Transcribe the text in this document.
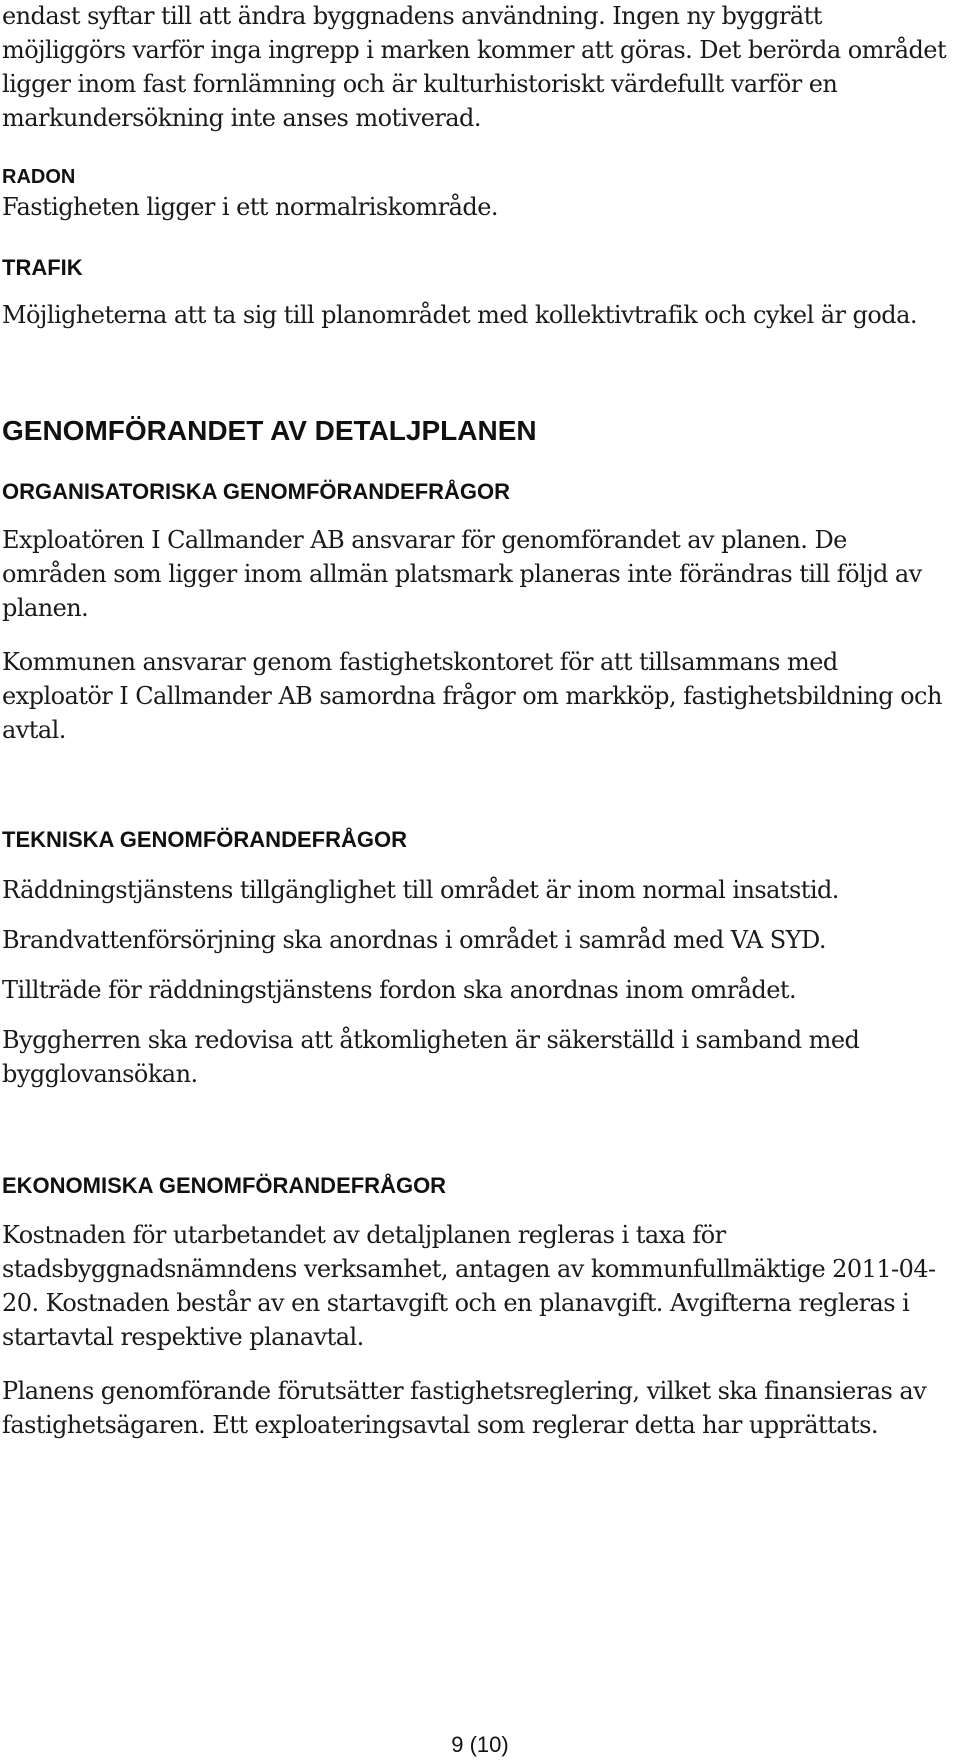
endast syftar till att ändra byggnadens användning. Ingen ny byggrätt möjliggörs varför inga ingrepp i marken kommer att göras. Det berörda området ligger inom fast fornlämning och är kulturhistoriskt värdefullt varför en markundersökning inte anses motiverad.

RADON

Fastigheten ligger i ett normalriskområde.

TRAFIK

Möjligheterna att ta sig till planområdet med kollektivtrafik och cykel är goda.

GENOMFÖRANDET AV DETALJPLANEN
ORGANISATORISKA GENOMFÖRANDEFRÅGOR

Exploatören I Callmander AB ansvarar för genomförandet av planen. De områden som ligger inom allmän platsmark planeras inte förändras till följd av planen.

Kommunen ansvarar genom fastighetskontoret för att tillsammans med exploatör I Callmander AB samordna frågor om markköp, fastighetsbildning och avtal.

TEKNISKA GENOMFÖRANDEFRÅGOR

Räddningstjänstens tillgänglighet till området är inom normal insatstid.

Brandvattenförsörjning ska anordnas i området i samråd med VA SYD.

Tillträde för räddningstjänstens fordon ska anordnas inom området.

Byggherren ska redovisa att åtkomligheten är säkerställd i samband med bygglovansökan.

EKONOMISKA GENOMFÖRANDEFRÅGOR

Kostnaden för utarbetandet av detaljplanen regleras i taxa för stadsbyggnadsnämndens verksamhet, antagen av kommunfullmäktige 2011-04-20. Kostnaden består av en startavgift och en planavgift. Avgifterna regleras i startavtal respektive planavtal.

Planens genomförande förutsätter fastighetsreglering, vilket ska finansieras av fastighetsägaren. Ett exploateringsavtal som reglerar detta har upprättats.

9 (10)
